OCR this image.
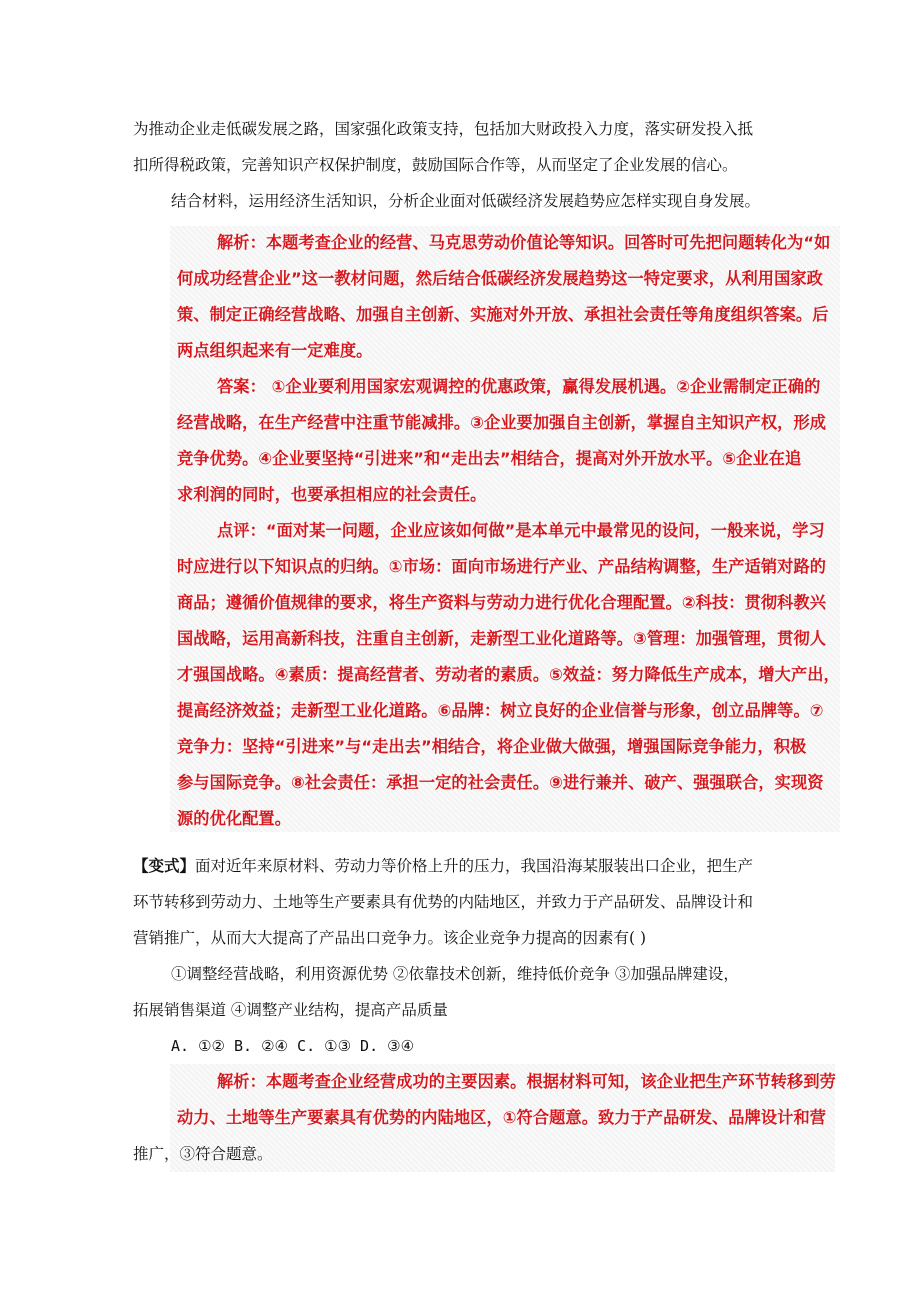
为推动企业走低碳发展之路，国家强化政策支持，包括加大财政投入力度，落实研发投入抵
扣所得税政策，完善知识产权保护制度，鼓励国际合作等，从而坚定了企业发展的信心。
结合材料，运用经济生活知识，分析企业面对低碳经济发展趋势应怎样实现自身发展。
解析：本题考查企业的经营、马克思劳动价值论等知识。回答时可先把问题转化为“如
何成功经营企业”这一教材问题，然后结合低碳经济发展趋势这一特定要求，从利用国家政
策、制定正确经营战略、加强自主创新、实施对外开放、承担社会责任等角度组织答案。后
两点组织起来有一定难度。
答案： ①企业要利用国家宏观调控的优惠政策，赢得发展机遇。②企业需制定正确的
经营战略，在生产经营中注重节能减排。③企业要加强自主创新，掌握自主知识产权，形成
竞争优势。④企业要坚持“引进来”和“走出去”相结合，提高对外开放水平。⑤企业在追
求利润的同时，也要承担相应的社会责任。
点评：“面对某一问题，企业应该如何做”是本单元中最常见的设问，一般来说，学习
时应进行以下知识点的归纳。①市场：面向市场进行产业、产品结构调整，生产适销对路的
商品；遵循价值规律的要求，将生产资料与劳动力进行优化合理配置。②科技：贯彻科教兴
国战略，运用高新科技，注重自主创新，走新型工业化道路等。③管理：加强管理，贯彻人
才强国战略。④素质：提高经营者、劳动者的素质。⑤效益：努力降低生产成本，增大产出，
提高经济效益；走新型工业化道路。⑥品牌：树立良好的企业信誉与形象，创立品牌等。⑦
竞争力：坚持“引进来”与“走出去”相结合，将企业做大做强，增强国际竞争能力，积极
参与国际竞争。⑧社会责任：承担一定的社会责任。⑨进行兼并、破产、强强联合，实现资
源的优化配置。
【变式】面对近年来原材料、劳动力等价格上升的压力，我国沿海某服装出口企业，把生产
环节转移到劳动力、土地等生产要素具有优势的内陆地区，并致力于产品研发、品牌设计和
营销推广，从而大大提高了产品出口竞争力。该企业竞争力提高的因素有( )
①调整经营战略，利用资源优势 ②依靠技术创新，维持低价竞争 ③加强品牌建设，
拓展销售渠道 ④调整产业结构，提高产品质量
A. ①② B. ②④ C. ①③ D. ③④
解析：本题考查企业经营成功的主要因素。根据材料可知，该企业把生产环节转移到劳
动力、土地等生产要素具有优势的内陆地区，①符合题意。致力于产品研发、品牌设计和营
推广，③符合题意。
